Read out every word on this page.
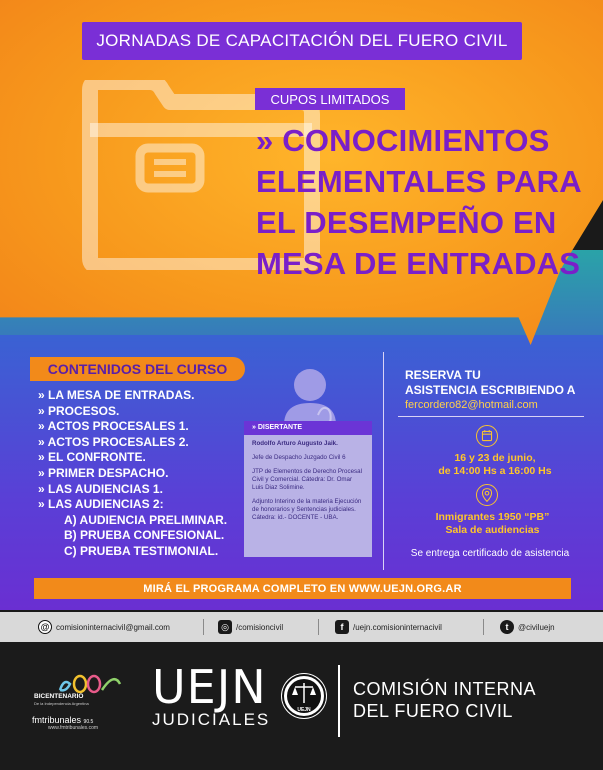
JORNADAS DE CAPACITACIÓN DEL FUERO CIVIL
CUPOS LIMITADOS
» CONOCIMIENTOS
ELEMENTALES PARA
EL DESEMPEÑO EN
MESA DE ENTRADAS
CONTENIDOS DEL CURSO
» LA MESA DE ENTRADAS.
» PROCESOS.
» ACTOS PROCESALES 1.
» ACTOS PROCESALES 2.
» EL CONFRONTE.
» PRIMER DESPACHO.
» LAS AUDIENCIAS 1.
» LAS AUDIENCIAS 2:
A) AUDIENCIA PRELIMINAR.
B) PRUEBA CONFESIONAL.
C) PRUEBA TESTIMONIAL.
» DISERTANTE

Rodolfo Arturo Augusto Jaik.

Jefe de Despacho Juzgado Civil 6

JTP de Elementos de Derecho Procesal Civil y Comercial. Cátedra: Dr. Omar Luis Diaz Solimine.

Adjunto Interino de la materia Ejecución de honorarios y Sentencias judiciales. Cátedra: íd.- DOCENTE - UBA.

RESERVA TU
ASISTENCIA ESCRIBIENDO A
fercordero82@hotmail.com
16 y 23 de junio,
de 14:00 Hs a 16:00 Hs
Inmigrantes 1950 “PB”
Sala de audiencias
Se entrega certificado de asistencia
MIRÁ EL PROGRAMA COMPLETO EN WWW.UEJN.ORG.AR
@ comisioninternacivil@gmail.com	◎ /comisioncivil	f	/uejn.comisioninternacivil	t	@civiluejn
BICENTENARIO
De la Independencia Argentina
fmtribunales 90.5
www.fmtribunales.com
UEJN
JUDICIALES	UEJN
COMISIÓN INTERNA
DEL FUERO CIVIL
